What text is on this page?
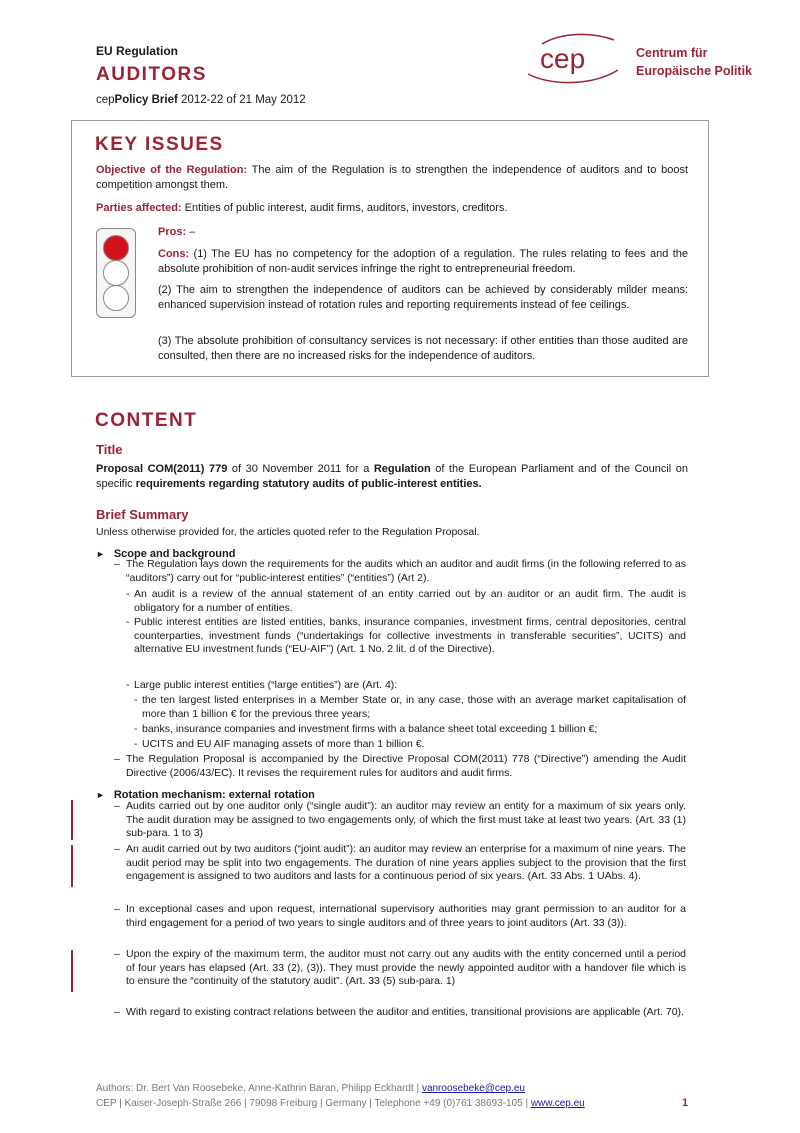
EU Regulation
AUDITORS
cepPolicy Brief 2012-22 of 21 May 2012
cep	Centrum für
Europäische Politik
KEY ISSUES
Objective of the Regulation: The aim of the Regulation is to strengthen the independence of auditors and to boost competition amongst them.
Parties affected: Entities of public interest, audit firms, auditors, investors, creditors.
Pros: –
Cons: (1) The EU has no competency for the adoption of a regulation. The rules relating to fees and the absolute prohibition of non-audit services infringe the right to entrepreneurial freedom.
(2) The aim to strengthen the independence of auditors can be achieved by considerably milder means: enhanced supervision instead of rotation rules and reporting requirements instead of fee ceilings.
(3) The absolute prohibition of consultancy services is not necessary: if other entities than those audited are consulted, then there are no increased risks for the independence of auditors.
CONTENT
Title
Proposal COM(2011) 779 of 30 November 2011 for a Regulation of the European Parliament and of the Council on specific requirements regarding statutory audits of public-interest entities.
Brief Summary
Unless otherwise provided for, the articles quoted refer to the Regulation Proposal.
► Scope and background
– The Regulation lays down the requirements for the audits which an auditor and audit firms (in the following referred to as “auditors”) carry out for “public-interest entities” (“entities”) (Art 2).
- An audit is a review of the annual statement of an entity carried out by an auditor or an audit firm. The audit is obligatory for a number of entities.
- Public interest entities are listed entities, banks, insurance companies, investment firms, central depositories, central counterparties, investment funds (“undertakings for collective investments in transferable securities”, UCITS) and alternative EU investment funds (“EU-AIF”) (Art. 1 No. 2 lit. d of the Directive).
- Large public interest entities (“large entities”) are (Art. 4):
- the ten largest listed enterprises in a Member State or, in any case, those with an average market capitalisation of more than 1 billion € for the previous three years;
- banks, insurance companies and investment firms with a balance sheet total exceeding 1 billion €;
- UCITS and EU AIF managing assets of more than 1 billion €.
– The Regulation Proposal is accompanied by the Directive Proposal COM(2011) 778 (“Directive”) amending the Audit Directive (2006/43/EC). It revises the requirement rules for auditors and audit firms.
► Rotation mechanism: external rotation
– Audits carried out by one auditor only (“single audit”): an auditor may review an entity for a maximum of six years only. The audit duration may be assigned to two engagements only, of which the first must take at least two years. (Art. 33 (1) sub-para. 1 to 3)
– An audit carried out by two auditors (“joint audit”): an auditor may review an enterprise for a maximum of nine years. The audit period may be split into two engagements. The duration of nine years applies subject to the provision that the first engagement is assigned to two auditors and lasts for a continuous period of six years. (Art. 33 Abs. 1 UAbs. 4).
– In exceptional cases and upon request, international supervisory authorities may grant permission to an auditor for a third engagement for a period of two years to single auditors and of three years to joint auditors (Art. 33 (3)).
– Upon the expiry of the maximum term, the auditor must not carry out any audits with the entity concerned until a period of four years has elapsed (Art. 33 (2), (3)). They must provide the newly appointed auditor with a handover file which is to ensure the “continuity of the statutory audit”. (Art. 33 (5) sub-para. 1)
– With regard to existing contract relations between the auditor and entities, transitional provisions are applicable (Art. 70).
Authors: Dr. Bert Van Roosebeke, Anne-Kathrin Baran, Philipp Eckhardt | vanroosebeke@cep.eu
CEP | Kaiser-Joseph-Straße 266 | 79098 Freiburg | Germany | Telephone +49 (0)761 38693-105 | www.cep.eu	1
